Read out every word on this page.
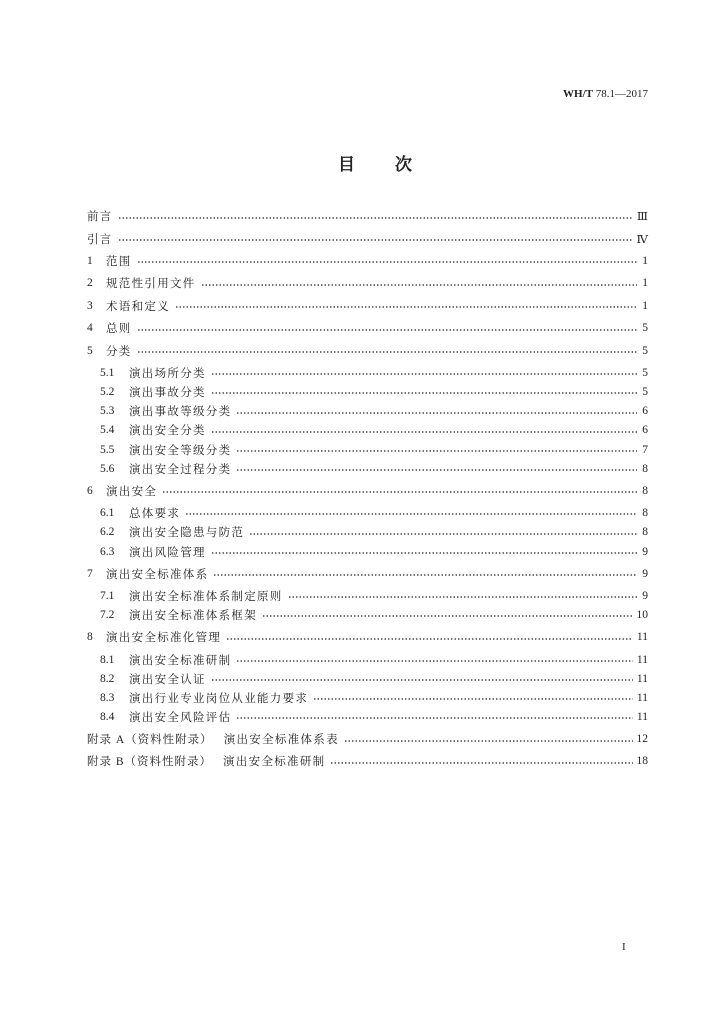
WH/T 78.1—2017
目　次
前言	Ⅲ
引言	Ⅳ
1	范围	1
2	规范性引用文件	1
3	术语和定义	1
4	总则	5
5	分类	5
5.1	演出场所分类	5
5.2	演出事故分类	5
5.3	演出事故等级分类	6
5.4	演出安全分类	6
5.5	演出安全等级分类	7
5.6	演出安全过程分类	8
6	演出安全	8
6.1	总体要求	8
6.2	演出安全隐患与防范	8
6.3	演出风险管理	9
7	演出安全标准体系	9
7.1	演出安全标准体系制定原则	9
7.2	演出安全标准体系框架	10
8	演出安全标准化管理	11
8.1	演出安全标准研制	11
8.2	演出安全认证	11
8.3	演出行业专业岗位从业能力要求	11
8.4	演出安全风险评估	11
附录 A（资料性附录） 演出安全标准体系表	12
附录 B（资料性附录） 演出安全标准研制	18
I
